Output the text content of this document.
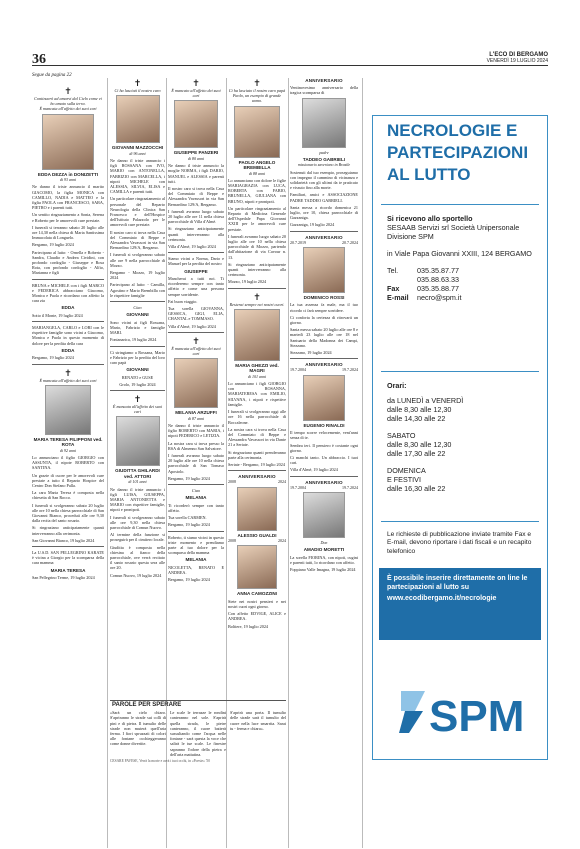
36	L'ECO DI BERGAMO
VENERDÌ 19 LUGLIO 2024
Segue da pagina 22
✝
Continuerò ad amarvi dal Cielo come vi ho amato sulla terra.
È mancata all'affetto dei suoi cari
EDDA DEZZA in DONIZETTI
di 93 anni
Ne danno il triste annuncio il marito GIACOMO, la figlia MONICA con CAMILLO, NADIA e MATTEO e la figlia PAOLA con FRANCESCO, SARA, PIETRO e i parenti tutti.
Un sentito ringraziamento a Sonia, Serena e Roberto per le amorevoli cure prestate.
I funerali si terranno sabato 20 luglio alle ore 14,30 nella chiesa di Maria Santissima Immacolata di Longuelo.
Bergamo, 19 luglio 2024
Partecipano al lutto: - Ornella e Roberto - Sandra, Claudio e Andrea Cividini, con profondo cordoglio - Giuseppe e Rosa Rota, con profondo cordoglio - Alfio, Marianna e figli
BRUNA e MICHELE con i figli MARCO e FEDERICA abbracciano Giacomo, Monica e Paola e ricordano con affetto la cara zia
EDDA
Sotto il Monte, 19 luglio 2024
MARIANGELA, CARLO e LORI con le rispettive famiglie sono vicini a Giacomo, Monica e Paola in questo momento di dolore per la perdita della cara
EDDA
Bergamo, 19 luglio 2024
✝
È mancata all'affetto dei suoi cari
MARIA TERESA FILIPPONI ved. ROTA
di 92 anni
Lo annunciano il figlio GIORGIO con ASSUNTA, il nipote ROBERTO con SANTINA.
Un grazie di cuore per le amorevoli cure prestate a tutto il Reparto Hospice del Centro Don Stefano Palla.
La cara Maria Teresa è composta nella chiesetta di San Rocco.
I funerali si svolgeranno sabato 20 luglio alle ore 10 nella chiesa parrocchiale di San Giovanni Bianco, proceduti alle ore 9,30 dalla recita del santo rosario.
Si ringraziano anticipatamente quanti interverranno alla cerimonia.
San Giovanni Bianco, 19 luglio 2024
La U.S.D. SAN PELLEGRINO KARATE è vicina a Giorgio per la scomparsa della cara mamma
MARIA TERESA
San Pellegrino Terme, 19 luglio 2024
✝
Ci ha lasciati il nostro caro
GIOVANNI MAZZOCCHI
di 96 anni
Ne danno il triste annuncio i figli ROSSANA con IVO, MARIO con ANTONELLA, FABRIZIO con MARCELLA, i nipoti MICHELE con ALESSIA, SILVIA, ELISA e CAMILLA e parenti tutti.
Un particolare ringraziamento al personale del Reparto Neurologia della Clinica San Francesco e dell'Hospice dell'Istituto Palazzolo per le amorevoli cure prestate.
Il nostro caro si trova nella Casa del Commiato di Beppe e Alessandra Vavassori in via San Bernardino 129/A, Bergamo.
I funerali si svolgeranno sabato alle ore 9 nella parrocchiale di Mozzo.
Bergamo - Mozzo, 19 luglio 2024
Partecipano al lutto: - Camilla, Agostino e Mario Brembilla con le rispettive famiglie
Ciao
GIOVANNI
Sono vicini ai figli Rossana, Mario, Fabrizio e famiglie MARI.
Fontanarica, 19 luglio 2024
Ci stringiamo a Rossana, Mario e Fabrizio per la perdita del loro caro papà
GIOVANNI
RENATO e GUSE
Grolo, 19 luglio 2024
✝
È mancata all'affetto dei suoi cari
GIUDITTA GHILARDI ved. ATTORI
di 101 anni
Ne danno il triste annuncio i figli LUISA, GIUSEPPA, MARIA ANTONIETTA e MARIO con rispettive famiglie, nipoti e pronipoti.
I funerali si svolgeranno sabato alle ore 9,30 nella chiesa parrocchiale di Comun Nuovo.
Al termine della funzione si proseguirà per il cimitero locale.
Giuditta è composta nella chiesina al fianco della parrocchiale, ove verrà recitato il santo rosario questa sera alle ore 20.
Comun Nuovo, 19 luglio 2024
✝
È mancato all'affetto dei suoi cari
GIUSEPPE PANZERI
di 80 anni
Ne danno il triste annuncio la moglie NORMA, i figli DARIO, MANUEL e ALESSIA e parenti tutti.
Il nostro caro si trova nella Casa del Commiato di Beppe e Alessandra Vavassori in via San Bernardino 129/A, Bergamo.
I funerali avranno luogo sabato 20 luglio alle ore 11 nella chiesa parrocchiale di Villa d'Almè.
Si ringraziano anticipatamente quanti interverranno alla cerimonia.
Villa d'Almè, 19 luglio 2024
Siamo vicini a Norma, Dario e Manuel per la perdita del nostro
GIUSEPPE
Mancherai a tutti noi. Ti ricorderemo sempre con tanto affetto e come una persona sempre sorridente.
Fai buon viaggio.
Tua sorella GIOVANNA, GESSICA, GIGI, ELIA, CHANTAL e TOMMASO.
Villa d'Almè, 19 luglio 2024
✝
È mancata all'affetto dei suoi cari
MELANIA ARZUFFI
di 87 anni
Ne danno il triste annuncio il figlio ROBERTO con MARIA, i nipoti FEDERICO e LETIZIA.
La nostra cara si trova presso la RSA di Almenno San Salvatore.
I funerali avranno luogo sabato 20 luglio alle ore 10 nella chiesa parrocchiale di San Tomaso Apostolo.
Bergamo, 19 luglio 2024
Ciao
MELANIA
Ti ricorderò sempre con tanto affetto.
Tua sorella CARMEN.
Bergamo, 19 luglio 2024
Roberto, ti siamo vicini in questo triste momento e prendiamo parte al tuo dolore per la scomparsa della mamma
MELANIA
NICOLETTA, RENATO E ANDREA.
Bergamo, 19 luglio 2024
✝
Ci ha lasciato il nostro caro papà Paolo, un esempio di grande uomo.
PAOLO ANGELO BREMBILLA
di 88 anni
Lo annunciano con dolore le figlie MARIAGRAZIA con LUCA, ROBERTA con FABIO, BRUNELLA, GIULIANA con BRUNO, nipoti e pronipoti.
Un particolare ringraziamento al Reparto di Medicina Generale dell'Ospedale Papa Giovanni XXIII per le amorevoli cure prestate.
I funerali avranno luogo sabato 20 luglio alle ore 10 nella chiesa parrocchiale di Mozzo, partendo dall'abitazione di via Cavour n. 13.
Si ringraziano anticipatamente quanti interverranno alla cerimonia.
Mozzo, 19 luglio 2024
✝
Resterai sempre nei nostri cuori.
MARIA GHEZZI ved. MAGRI
di 101 anni
Lo annunciano i figli GIORGIO con ROSANNA, MARIATERESA con EMILIO, SILVANA, i nipoti e rispettive famiglie.
I funerali si svolgeranno oggi alle ore 16 nella parrocchiale di Boccaleone.
La nostra cara si trova nella Casa del Commiato di Beppe e Alessandra Vavassori in via Dante 21 a Seriate.
Si ringraziano quanti prenderanno parte alla cerimonia.
Seriate - Bergamo, 19 luglio 2024
ANNIVERSARIO
2008	2024
ALESSIO GUALDI
2008	2024
ANNA CAMOZZINI
Siete nei nostri pensieri e nei nostri cuori ogni giorno.
Con affetto EDVIGE, ALICE e ANDREA.
Boltiere, 19 luglio 2024
ANNIVERSARIO
Ventinovesimo anniversario della tragica scomparsa di
padre
TADDEO GABRIELI
missionario saveriano in Brasile
Sostenuti dal tuo esempio, proseguiamo con impegno il cammino di vicinanza e solidarietà con gli ultimi da te praticato e vissuto fino alla morte.
Familiari, amici e ASSOCIAZIONE PADRE TADDEO GABRIELI.
Santa messa a ricordo domenica 21 luglio, ore 10, chiesa parrocchiale di Gazzaniga.
Gazzaniga, 19 luglio 2024
ANNIVERSARIO
20.7.2019	20.7.2024
DOMENICO ROSSI
La tua assenza fa male, ma il tuo ricordo ci farà sempre sorridere.
Ci conforta la certezza di ritrovarti un giorno.
Santa messa sabato 20 luglio alle ore 8 e martedì 23 luglio alle ore 18 nel Santuario della Madonna dei Campi, Stezzano.
Stezzano, 19 luglio 2024
ANNIVERSARIO
19.7.2004	19.7.2024
EUGENIO RINALDI
Il tempo scorre velocemente, vent'anni senza di te.
Sembra ieri. Il pensiero è costante ogni giorno.
Ci manchi tanto. Un abbraccio. I tuoi cari.
Villa d'Almè, 19 luglio 2024
ANNIVERSARIO
19.7.2004	19.7.2024
Don
AMADIO MORETTI
La sorella FIORINA, con nipoti, cugini e parenti tutti, lo ricordano con affetto.
Foppiano Valle Imagna, 19 luglio 2024
PAROLE PER SPERARE
«Sarà un cielo chiaro. S'apriranno le strade sui colli di pini e di pietra. Il tumulto delle strade non muterà quell'aria ferma. I fiori spruzzati di colori alle fontane occhieggeranno come donne divertite.
Le scale le terrazze le rondini canteranno nel sole. S'aprirà quella strada, le pietre canteranno, il cuore batterà sussultando come l'acqua nelle fontane - sarà questa la voce che salirà le tue scale. Le finestre sapranno l'odore della pietra e dell'aria mattutina.
S'aprirà una porta. Il tumulto delle strade sarà il tumulto del cuore nella luce smarrita. Sarai tu - ferma e chiara».
CESARE PAVESE, Verrà la morte e avrà i tuoi occhi, in «Poesie» '50
NECROLOGIE E PARTECIPAZIONI AL LUTTO
Si ricevono allo sportello
SESAAB Servizi srl Società Unipersonale Divisione SPM
in Viale Papa Giovanni XXIII, 124 BERGAMO
Tel.	035.35.87.77
035.88.63.33
Fax	035.35.88.77
E-mail	necro@spm.it
Orari:
da LUNEDÌ a VENERDÌ
dalle 8,30 alle 12,30
dalle 14,30 alle 22
SABATO
dalle 8,30 alle 12,30
dalle 17,30 alle 22
DOMENICA
E FESTIVI
dalle 16,30 alle 22
Le richieste di pubblicazione inviate tramite Fax e E-mail, devono riportare i dati fiscali e un recapito telefonico
È possibile inserire direttamente on line le partecipazioni al lutto su
www.ecodibergamo.it/necrologie
SPM
